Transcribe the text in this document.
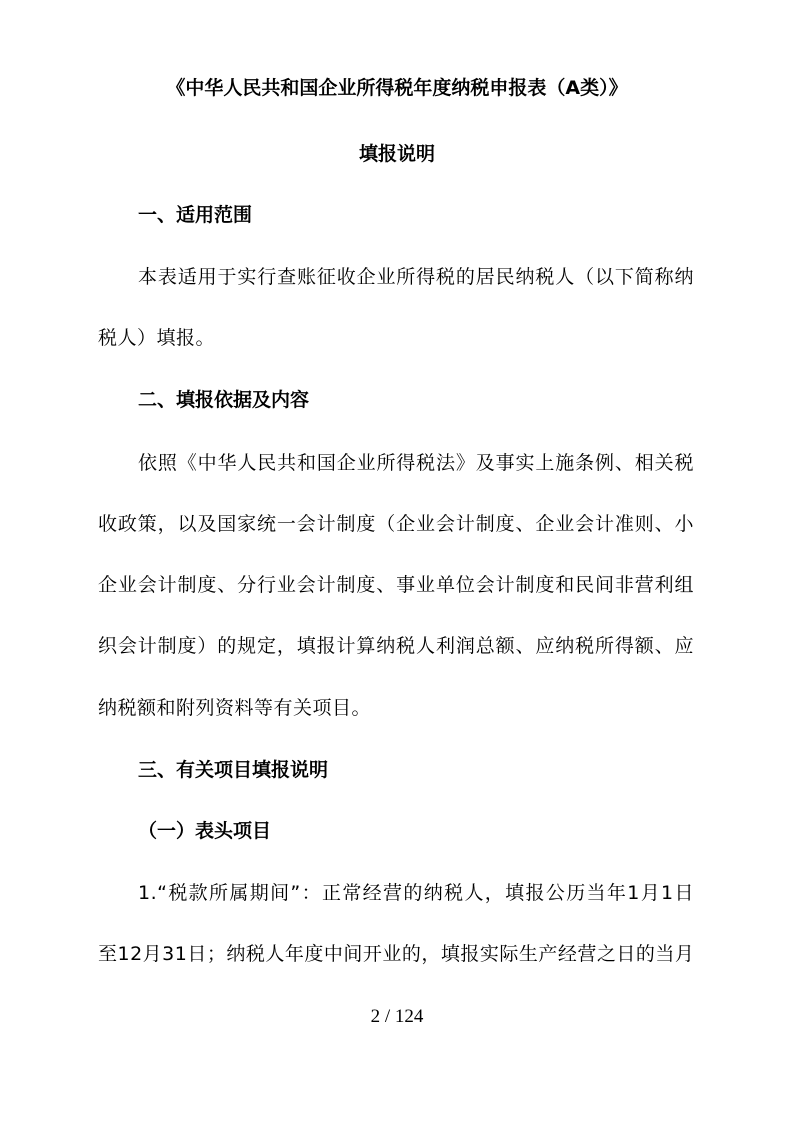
《中华人民共和国企业所得税年度纳税申报表（A类）》
填报说明
一、适用范围
本表适用于实行查账征收企业所得税的居民纳税人（以下简称纳
税人）填报。
二、填报依据及内容
依照《中华人民共和国企业所得税法》及事实上施条例、相关税
收政策，以及国家统一会计制度（企业会计制度、企业会计准则、小
企业会计制度、分行业会计制度、事业单位会计制度和民间非营利组
织会计制度）的规定，填报计算纳税人利润总额、应纳税所得额、应
纳税额和附列资料等有关项目。
三、有关项目填报说明
（一）表头项目
1.“税款所属期间”：正常经营的纳税人，填报公历当年1月1日
至12月31日；纳税人年度中间开业的，填报实际生产经营之日的当月
2 / 124
